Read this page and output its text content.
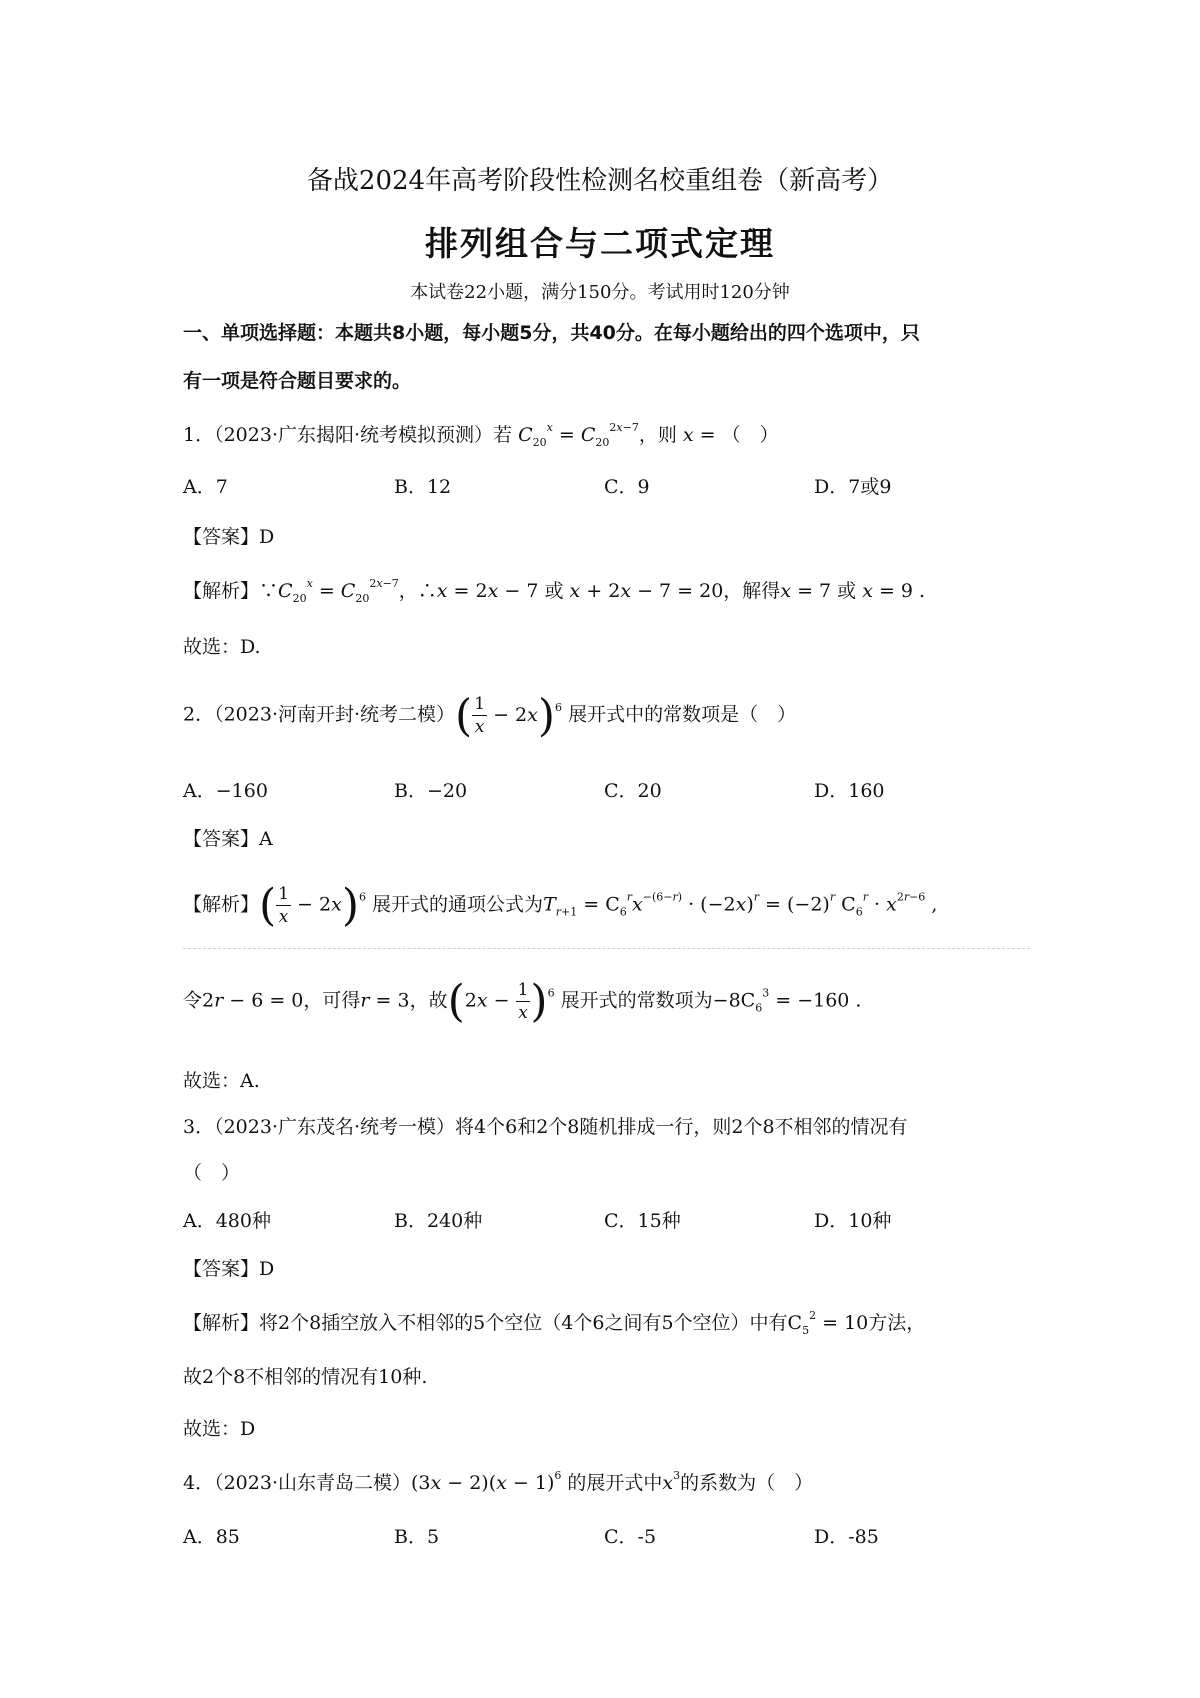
备战2024年高考阶段性检测名校重组卷（新高考）
排列组合与二项式定理
本试卷22小题，满分150分。考试用时120分钟
一、单项选择题：本题共8小题，每小题5分，共40分。在每小题给出的四个选项中，只
有一项是符合题目要求的。
1．（2023·广东揭阳·统考模拟预测）若 $C_{20}^x = C_{20}^{2x-7}$，则 x = （　）
A．7	B．12	C．9	D．7或9
【答案】D
【解析】$\because C_{20}^x = C_{20}^{2x-7}$，∴x = 2x − 7 或 x + 2x − 7 = 20，解得x = 7 或 x = 9 .
故选：D.
2．（2023·河南开封·统考二模）( $\frac{1}{x} - 2x)^6$ 展开式中的常数项是（　）
A．−160	B．−20	C．20	D．160
【答案】A
【解析】( $\frac{1}{x} - 2x)^6$ 展开式的通项公式为$T_{r+1} = C_6^rx^{-(6-r)} \cdot (-2x)^r = (-2)^r$ $C_6^r \cdot x^{2r-6}$ ,
令2r − 6 = 0，可得r = 3，故$(2x - \frac{1}{x} )^6$ 展开式的常数项为$-8C_6^3 = -160$ .
故选：A.
3．（2023·广东茂名·统考一模）将4个6和2个8随机排成一行，则2个8不相邻的情况有
（　）
A．480种	B．240种	C．15种	D．10种
【答案】D
【解析】将2个8插空放入不相邻的5个空位（4个6之间有5个空位）中有$C_5^2 = 10$方法，
故2个8不相邻的情况有10种.
故选：D
4．（2023·山东青岛二模）$(3x - 2)(x - 1)^6$ 的展开式中$x^3$的系数为（　）
A．85	B．5	C．-5	D．-85
